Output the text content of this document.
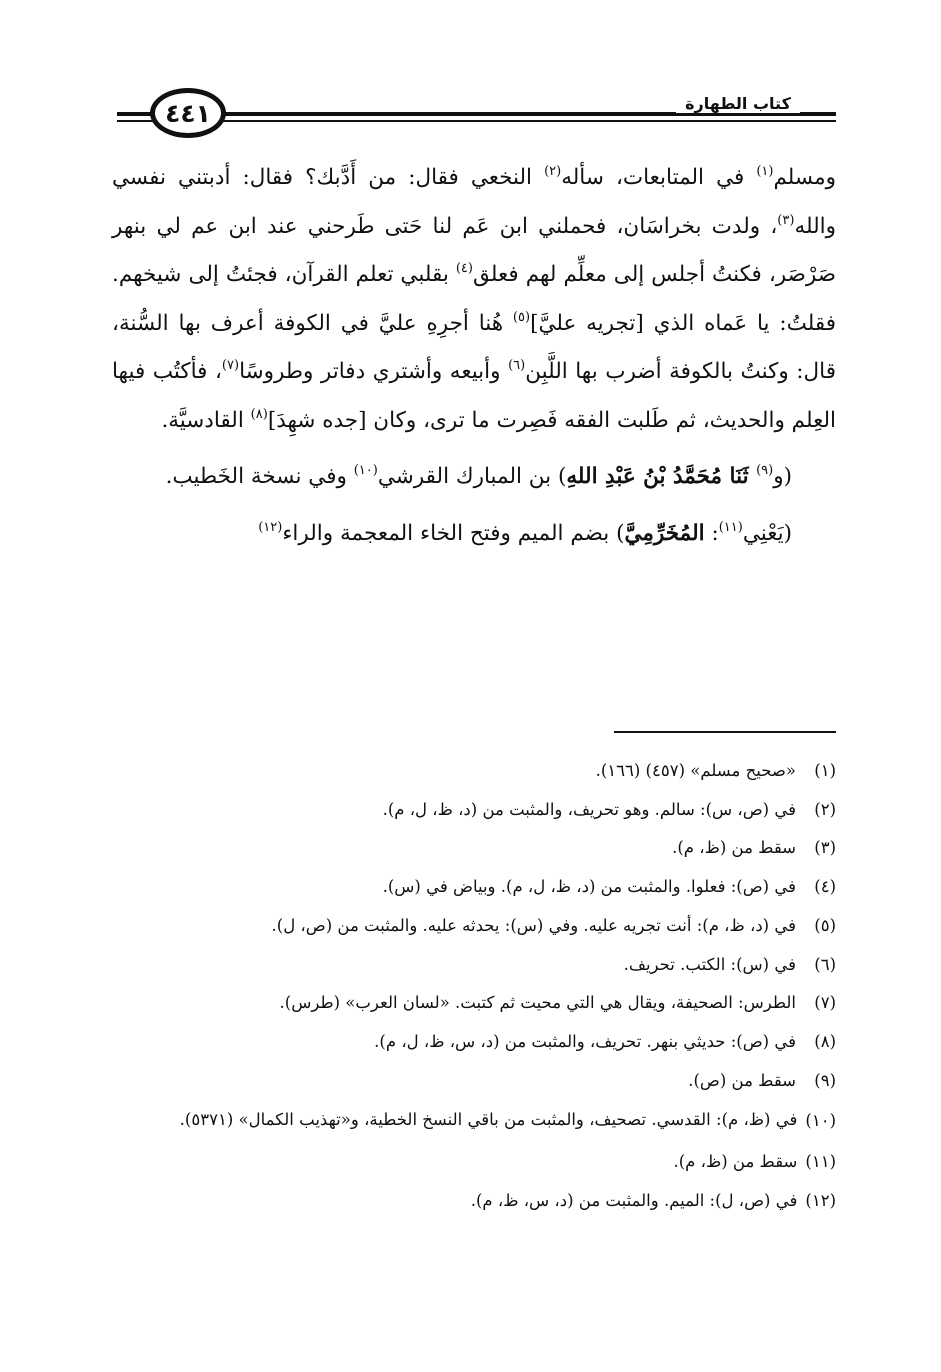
٤٤١	كتاب الطهارة

ومسلم$^{(١)}$ في المتابعات، سأله$^{(٢)}$ النخعي فقال: من أَدَّبك؟ فقال: أدبتني نفسي والله$^{(٣)}$، ولدت بخراسَان، فحملني ابن عَم لنا حَتى طَرحني عند ابن عم لي بنهر صَرْصَر، فكنتُ أجلس إلى معلِّم لهم فعلق$^{(٤)}$ بقلبي تعلم القرآن، فجئتُ إلى شيخهم. فقلتُ: يا عَماه الذي [تجريه عليَّ]$^{(٥)}$ هُنا أجرِهِ عليَّ في الكوفة أعرف بها السُّنة، قال: وكنتُ بالكوفة أضرب بها اللَّبِن$^{(٦)}$ وأبيعه وأشتري دفاتر وطروسًا$^{(٧)}$، فأكتُب فيها العِلم والحديث، ثم طَلبت الفقه فَصِرت ما ترى، وكان [جده شهِدَ]$^{(٨)}$ القادسيَّة.

(و$^{(٩)}$ ثَنَا مُحَمَّدُ بْنُ عَبْدِ اللهِ) بن المبارك القرشي$^{(١٠)}$ وفي نسخة الخَطيب.

(يَعْنِي$^{(١١)}$: المُخَرِّمِيَّ) بضم الميم وفتح الخاء المعجمة والراء$^{(١٢)}$

(١)
«صحيح مسلم» (٤٥٧) (١٦٦).
(٢)
في (ص، س): سالم. وهو تحريف، والمثبت من (د، ظ، ل، م).
(٣)
سقط من (ظ، م).
(٤)
في (ص): فعلوا. والمثبت من (د، ظ، ل، م). وبياض في (س).
(٥)
في (د، ظ، م): أنت تجريه عليه. وفي (س): يحدثه عليه. والمثبت من (ص، ل).
(٦)
في (س): الكتب. تحريف.
(٧)
الطرس: الصحيفة، ويقال هي التي محيت ثم كتبت. «لسان العرب» (طرس).
(٨)
في (ص): حديثي بنهر. تحريف، والمثبت من (د، س، ظ، ل، م).
(٩)
سقط من (ص).
(١٠)
في (ظ، م): القدسي. تصحيف، والمثبت من باقي النسخ الخطية، و«تهذيب الكمال» (٥٣٧١).
(١١)
سقط من (ظ، م).
(١٢)
في (ص، ل): الميم. والمثبت من (د، س، ظ، م).
